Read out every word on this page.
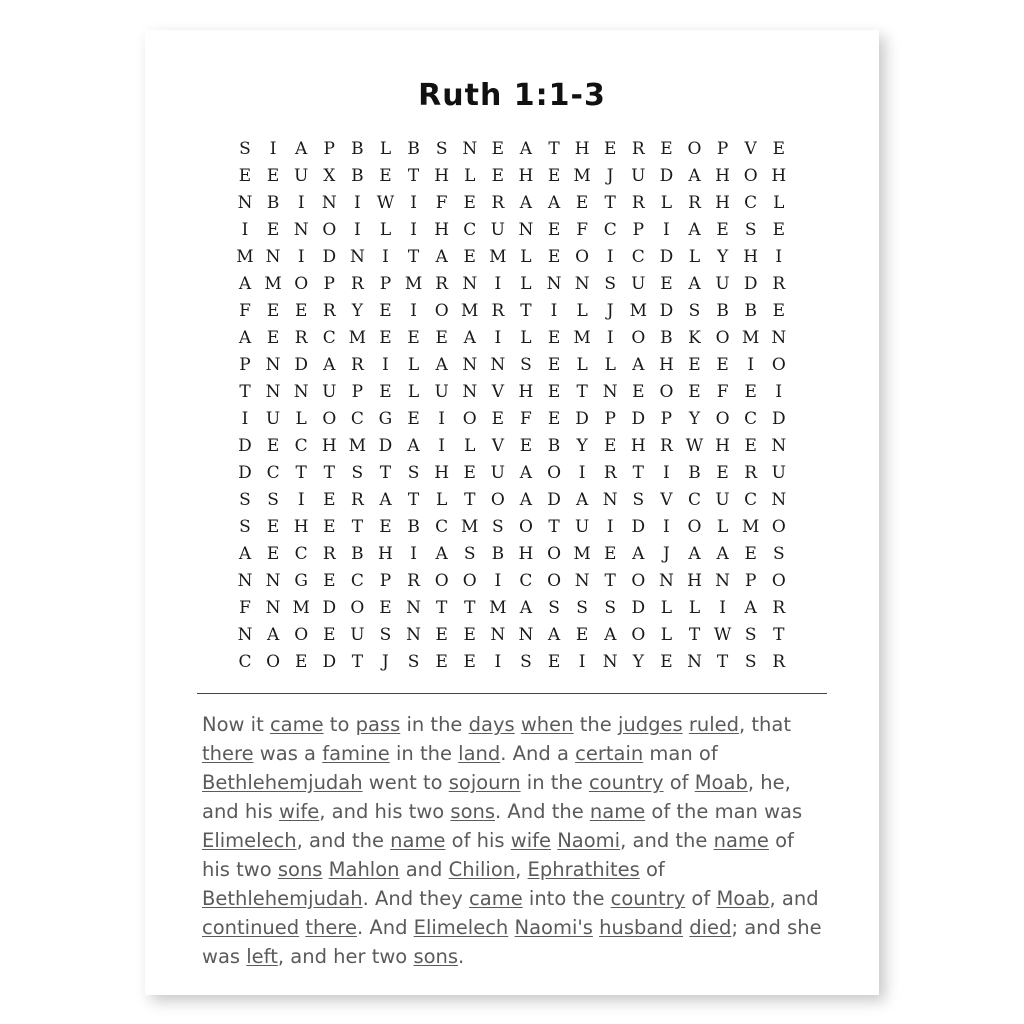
Ruth 1:1-3
S	I	A P B L B S N E A T H E R E O P V E
E E U X B E T H L E H E M J	U D A H O H
N B	I	N	I W I	F E R A A E T R L R H C L
I	E N O	I	L	I	H C U N E F C P	I	A E S E
M N	I	D N	I	T A E M L E O	I	C D L Y H	I
A M O P R P M R N	I	L N N S U E A U D R
F E E R Y E	I	O M R T	I	L	J M D S B B E
A E R C M E E E A	I	L E M I	O B K O M N
P N D A R	I	L A N N S E L L A H E E	I	O
T N N U P E L U N V H E T N E O E F E	I
I	U L O C G E	I	O E F E D P D P Y O C D
D E C H M D A	I	L V E B Y E H R W H E N
D C T T S T S H E U A O	I	R T	I	B E R U
S S	I	E R A T L T O A D A N S V C U C N
S E H E T E B C M S O T U	I	D	I	O L M O
A E C R B H	I	A S B H O M E A	J	A A E S
N N G E C P R O O	I	C O N T O N H N P O
F N M D O E N T T M A S S S D L L	I	A R
N A O E U S N E E N N A E A O L T W S T
C O E D T	J	S E E	I	S E	I	N Y E N T S R
Now it came to pass in the days when the judges ruled, that there was a famine in the land. And a certain man of Bethlehemjudah went to sojourn in the country of Moab, he, and his wife, and his two sons. And the name of the man was Elimelech, and the name of his wife Naomi, and the name of his two sons Mahlon and Chilion, Ephrathites of Bethlehemjudah. And they came into the country of Moab, and continued there. And Elimelech Naomi's husband died; and she was left, and her two sons.
